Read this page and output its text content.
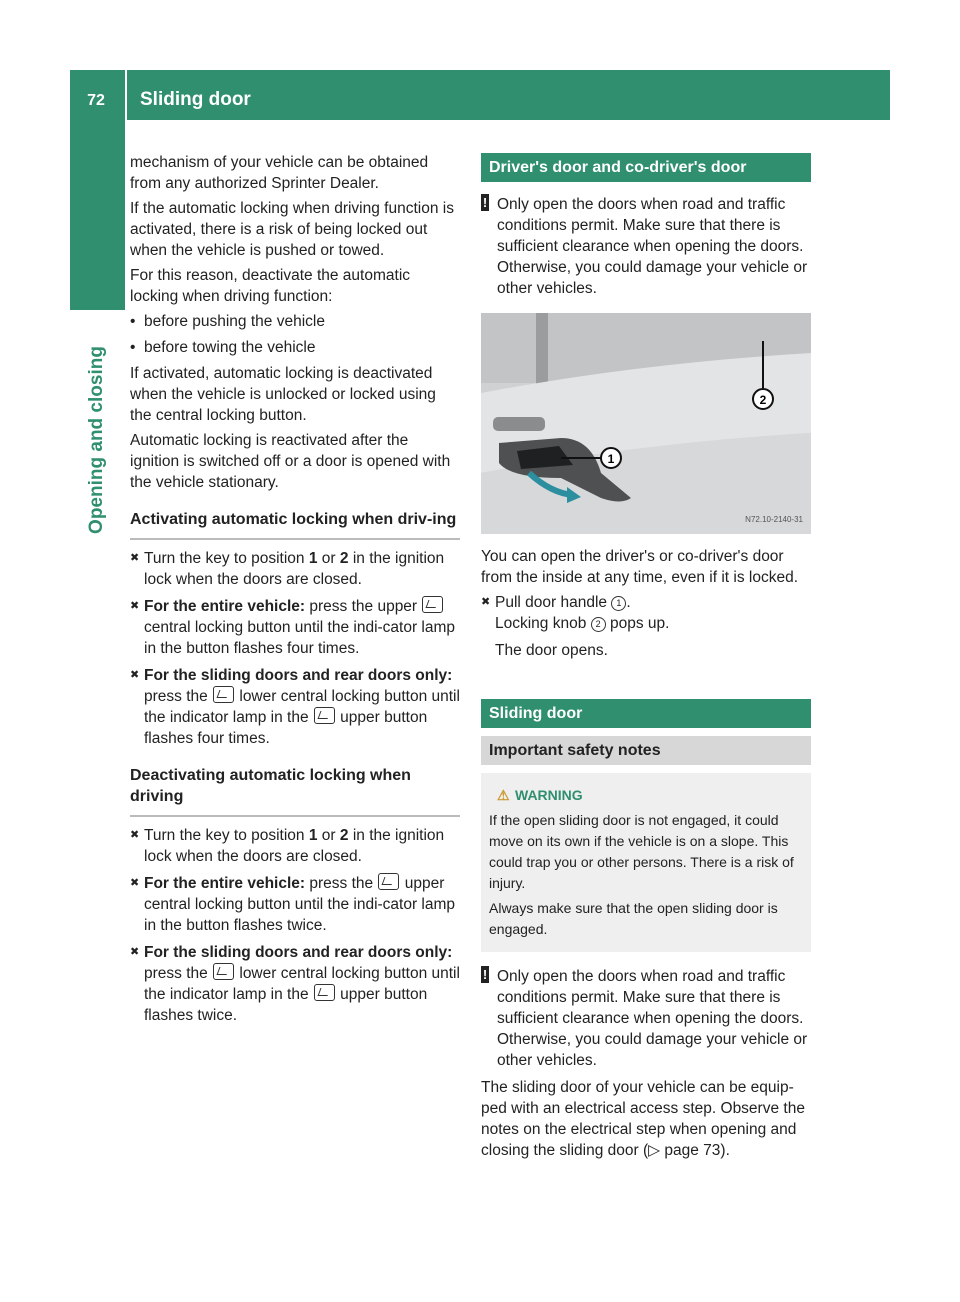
72	Sliding door
Opening and closing

mechanism of your vehicle can be obtained from any authorized Sprinter Dealer.

If the automatic locking when driving function is activated, there is a risk of being locked out when the vehicle is pushed or towed.

For this reason, deactivate the automatic locking when driving function:

• before pushing the vehicle
• before towing the vehicle

If activated, automatic locking is deactivated when the vehicle is unlocked or locked using the central locking button.

Automatic locking is reactivated after the ignition is switched off or a door is opened with the vehicle stationary.

Activating automatic locking when driv-ing
✖ Turn the key to position 1 or 2 in the ignition lock when the doors are closed.
✖ For the entire vehicle: press the upper  central locking button until the indi-cator lamp in the button flashes four times.
✖ For the sliding doors and rear doors only: press the  lower central locking button until the indicator lamp in the  upper button flashes four times.
Deactivating automatic locking when driving
✖ Turn the key to position 1 or 2 in the ignition lock when the doors are closed.
✖ For the entire vehicle: press the  upper central locking button until the indi-cator lamp in the button flashes twice.
✖ For the sliding doors and rear doors only: press the  lower central locking button until the indicator lamp in the  upper button flashes twice.
Driver's door and co-driver's door
! Only open the doors when road and traffic conditions permit. Make sure that there is sufficient clearance when opening the doors. Otherwise, you could damage your vehicle or other vehicles.
1
2
N72.10-2140-31

You can open the driver's or co-driver's door from the inside at any time, even if it is locked.

✖ Pull door handle 1 .
Locking knob 2 pops up.

The door opens.

Sliding door
Important safety notes
⚠ WARNING

If the open sliding door is not engaged, it could move on its own if the vehicle is on a slope. This could trap you or other persons. There is a risk of injury.

Always make sure that the open sliding door is engaged.

! Only open the doors when road and traffic conditions permit. Make sure that there is sufficient clearance when opening the doors. Otherwise, you could damage your vehicle or other vehicles.

The sliding door of your vehicle can be equip-ped with an electrical access step. Observe the notes on the electrical step when opening and closing the sliding door (▷ page 73).
